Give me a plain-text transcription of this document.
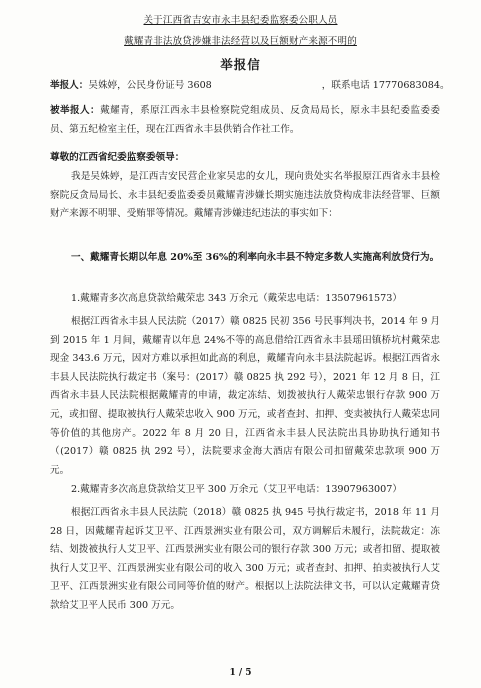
关于江西省吉安市永丰县纪委监察委公职人员
戴耀青非法放贷涉嫌非法经营以及巨额财产来源不明的
举报信
举报人：吴姝婷，公民身份证号 3608	，联系电话 17770683084。
被举报人：戴耀青，系原江西永丰县检察院党组成员、反贪局局长，原永丰县纪委监委委员、第五纪检室主任，现在江西省永丰县供销合作社工作。
尊敬的江西省纪委监察委领导：
我是吴姝婷，是江西吉安民营企业家吴忠的女儿，现向贵处实名举报原江西省永丰县检察院反贪局局长、永丰县纪委监委委员戴耀青涉嫌长期实施违法放贷构成非法经营罪、巨额财产来源不明罪、受贿罪等情况。戴耀青涉嫌违纪违法的事实如下：
一、戴耀青长期以年息 20%至 36%的利率向永丰县不特定多数人实施高利放贷行为。
1.戴耀青多次高息贷款给戴荣忠 343 万余元（戴荣忠电话：13507961573）
根据江西省永丰县人民法院（2017）赣 0825 民初 356 号民事判决书，2014 年 9 月到 2015 年 1 月间，戴耀青以年息 24%不等的高息借给江西省永丰县瑶田镇桥坑村戴荣忠现金 343.6 万元，因对方难以承担如此高的利息，戴耀青向永丰县法院起诉。根据江西省永丰县人民法院执行裁定书（案号：(2017）赣 0825 执 292 号），2021 年 12 月 8 日，江西省永丰县人民法院根据戴耀青的申请，裁定冻结、划拨被执行人戴荣忠银行存款 900 万元，或扣留、提取被执行人戴荣忠收入 900 万元，或者查封、扣押、变卖被执行人戴荣忠同等价值的其他房产。2022 年 8 月 20 日，江西省永丰县人民法院出具协助执行通知书（(2017）赣 0825 执 292 号），法院要求金海大酒店有限公司扣留戴荣忠款项 900 万元。
2.戴耀青多次高息贷款给艾卫平 300 万余元（艾卫平电话：13907963007）
根据江西省永丰县人民法院（2018）赣 0825 执 945 号执行裁定书，2018 年 11 月 28 日，因戴耀青起诉艾卫平、江西景洲实业有限公司，双方调解后未履行，法院裁定：冻结、划拨被执行人艾卫平、江西景洲实业有限公司的银行存款 300 万元；或者扣留、提取被执行人艾卫平、江西景洲实业有限公司的收入 300 万元；或者查封、扣押、拍卖被执行人艾卫平、江西景洲实业有限公司同等价值的财产。根据以上法院法律文书，可以认定戴耀青贷款给艾卫平人民币 300 万元。
1 / 5
